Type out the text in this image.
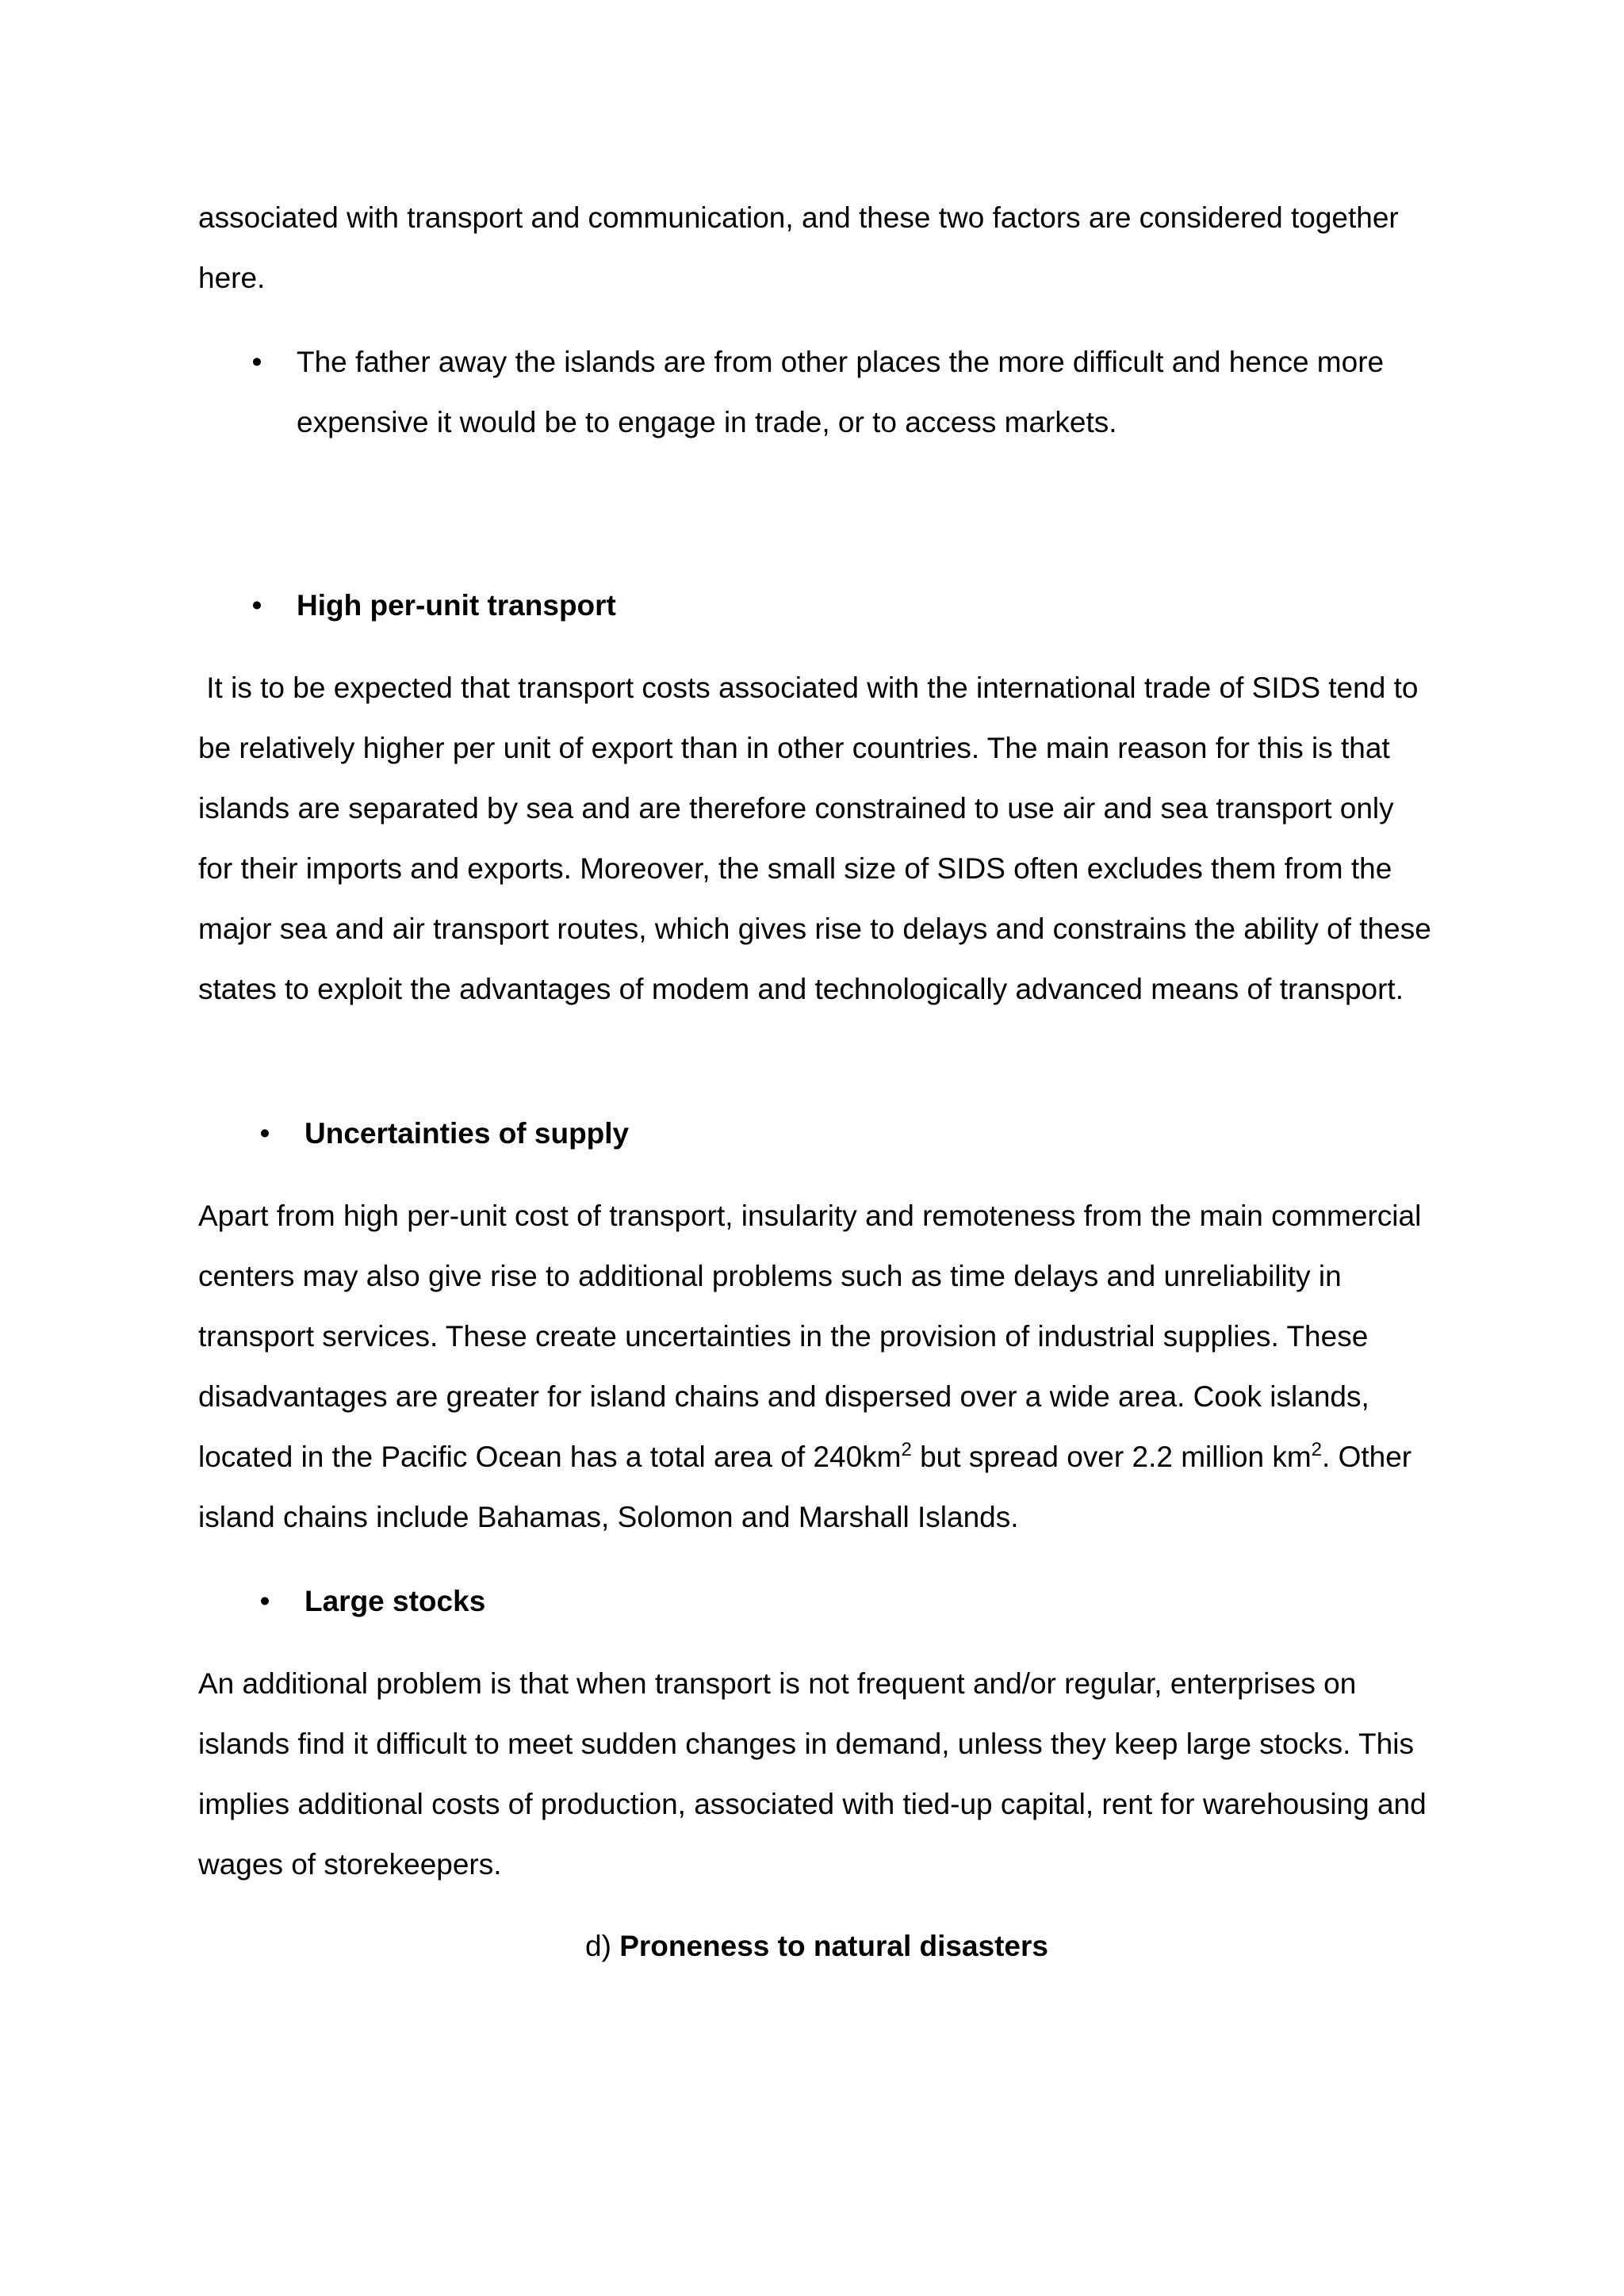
associated with transport and communication, and these two factors are considered together here.

• The father away the islands are from other places the more difficult and hence more expensive it would be to engage in trade, or to access markets.
• High per-unit transport

It is to be expected that transport costs associated with the international trade of SIDS tend to be relatively higher per unit of export than in other countries. The main reason for this is that islands are separated by sea and are therefore constrained to use air and sea transport only for their imports and exports. Moreover, the small size of SIDS often excludes them from the major sea and air transport routes, which gives rise to delays and constrains the ability of these states to exploit the advantages of modem and technologically advanced means of transport.

• Uncertainties of supply

Apart from high per-unit cost of transport, insularity and remoteness from the main commercial centers may also give rise to additional problems such as time delays and unreliability in transport services. These create uncertainties in the provision of industrial supplies. These disadvantages are greater for island chains and dispersed over a wide area. Cook islands, located in the Pacific Ocean has a total area of $240km^2$ but spread over 2.2 million $km^2$. Other island chains include Bahamas, Solomon and Marshall Islands.

• Large stocks

An additional problem is that when transport is not frequent and/or regular, enterprises on islands find it difficult to meet sudden changes in demand, unless they keep large stocks. This implies additional costs of production, associated with tied-up capital, rent for warehousing and wages of storekeepers.

d) Proneness to natural disasters
